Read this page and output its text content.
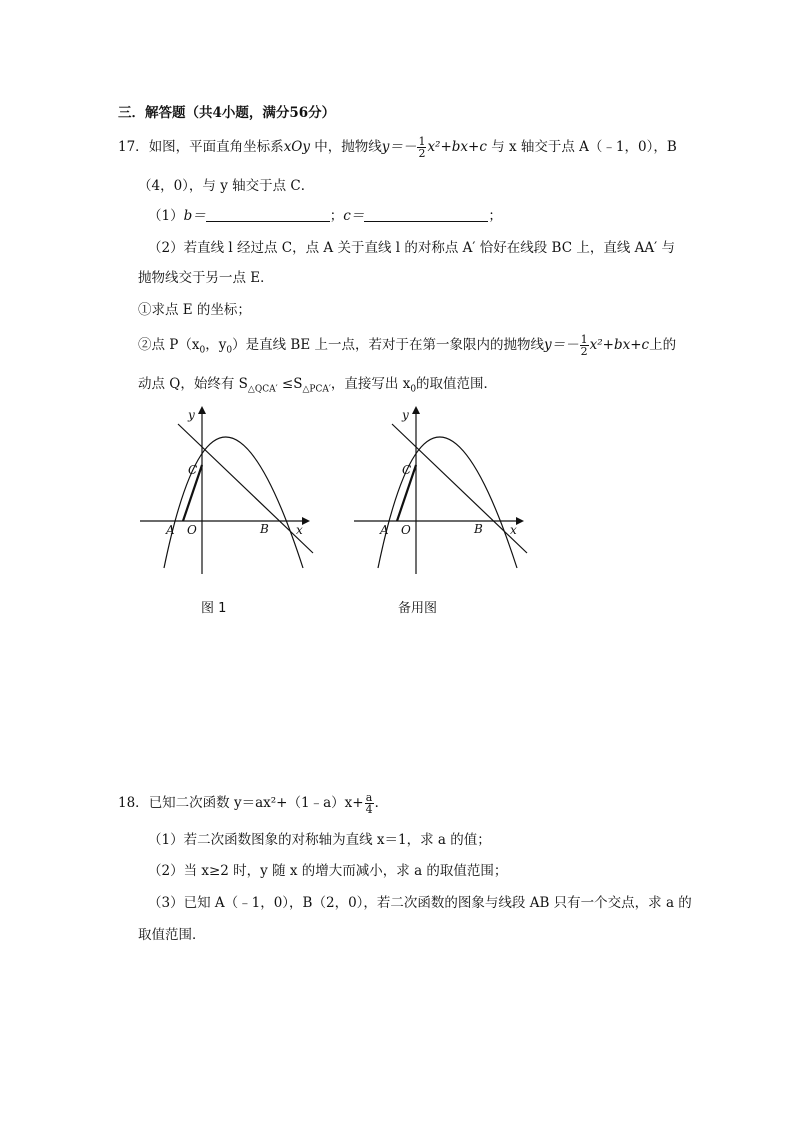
三．解答题（共4小题，满分56分）
17．如图，平面直角坐标系xOy 中，抛物线$y=- \frac{1}{2} x^2+bx+c$ 与 x 轴交于点 A（﹣1，0），B
（4，0），与 y 轴交于点 C．
（1）b＝	；c＝	；
（2）若直线 l 经过点 C，点 A 关于直线 l 的对称点 A′ 恰好在线段 BC 上，直线 AA′ 与
抛物线交于另一点 E．
①求点 E 的坐标；
②点 $P(x_0$，$y_0$）是直线 BE 上一点，若对于在第一象限内的抛物线$y=- \frac{1}{2} x^2+bx+c$上的
动点 Q，始终有 $S_{\triangle QCA'} \le S_{\triangle PCA'}$，直接写出 $x_0$的取值范围．
y
x
C
A O	B
图 1
y
x
C
A O	B
备用图
18．已知二次函数 y＝ax²+（1﹣a）x+ $\frac{a}{4}$ ．
（1）若二次函数图象的对称轴为直线 x＝1，求 a 的值；
（2）当 x≥2 时，y 随 x 的增大而减小，求 a 的取值范围；
（3）已知 A（﹣1，0），B（2，0），若二次函数的图象与线段 AB 只有一个交点，求 a 的
取值范围．
